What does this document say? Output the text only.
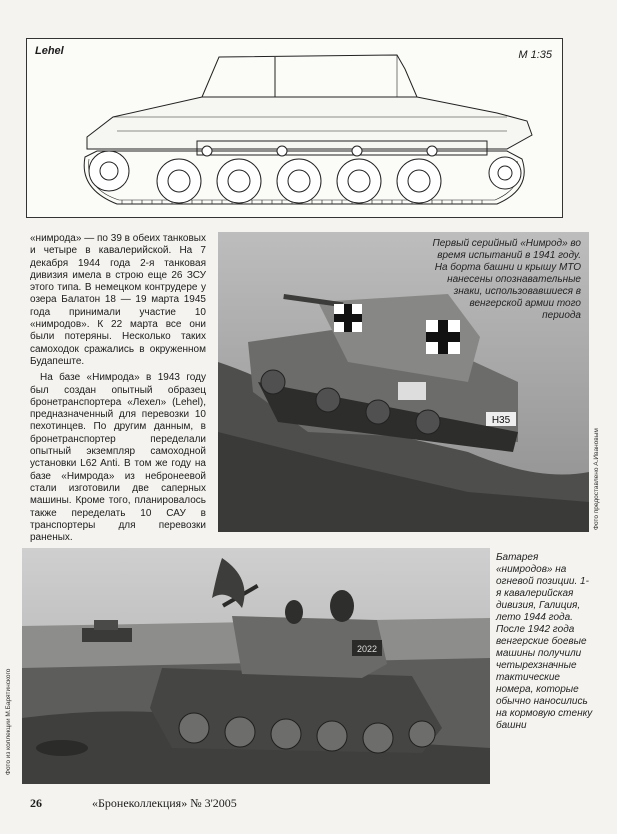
Lehel	M 1:35

«нимрода» — по 39 в обеих танковых и четыре в кавалерийской. На 7 декабря 1944 года 2-я танковая дивизия имела в строю еще 26 ЗСУ этого типа. В немецком контрудере у озера Балатон 18 — 19 марта 1945 года принимали участие 10 «нимродов». К 22 марта все они были потеряны. Несколько таких самоходок сражались в окруженном Будапеште.

На базе «Нимрода» в 1943 году был создан опытный образец бронетранспортера «Лехел» (Lehel), предназначенный для перевозки 10 пехотинцев. По другим данным, в бронетранспортер переделали опытный экземпляр самоходной установки L62 Anti. В том же году на базе «Нимрода» из небронеевой стали изготовили две саперных машины. Кроме того, планировалось также переделать 10 САУ в транспортеры для перевозки раненых.

H35
Первый серийный «Нимрод» во время испытаний в 1941 году. На борта башни и крышу МТО нанесены опознавательные знаки, использовавшиеся в венгерской армии того периода
Фото предоставлено А.Ивановым
2022
Фото из коллекции М.Барятинского
Батарея «нимродов» на огневой позиции. 1-я кавалерийская дивизия, Галиция, лето 1944 года. После 1942 года венгерские боевые машины получили четырехзначные тактические номера, которые обычно наносились на кормовую стенку башни
26	«Бронеколлекция» № 3'2005
